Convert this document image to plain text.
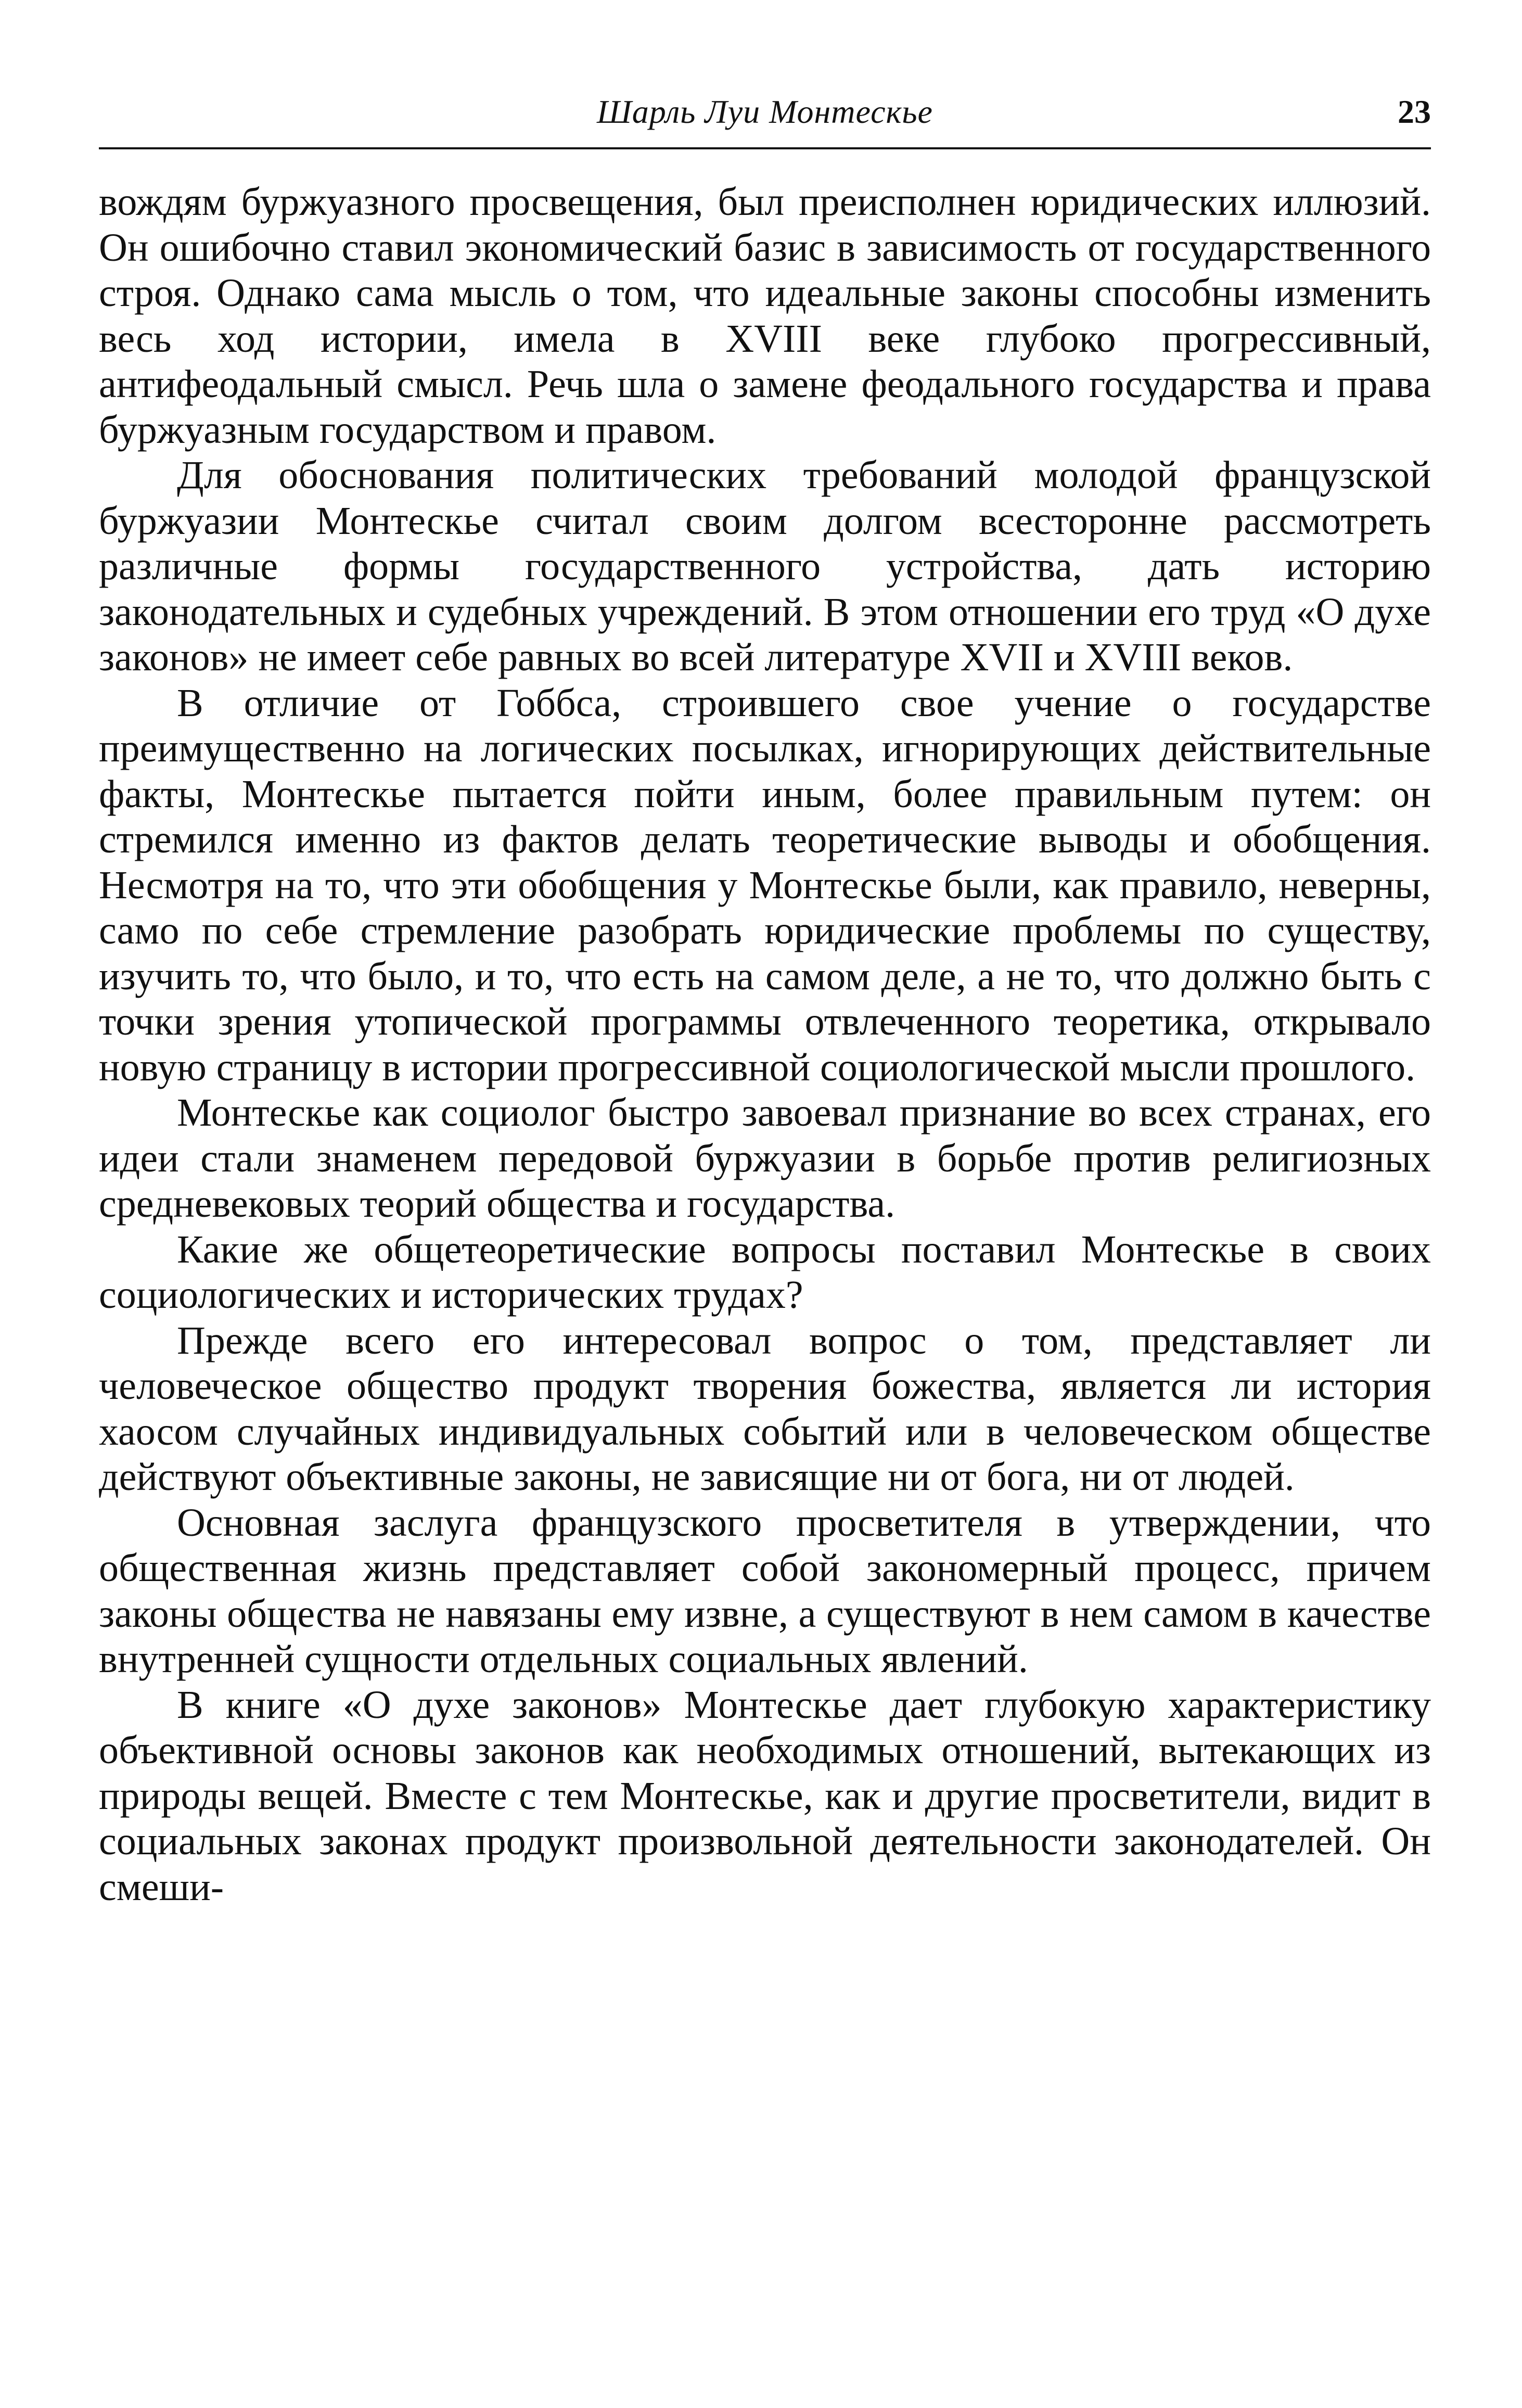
Шарль Луи Монтескье	23

вождям буржуазного просвещения, был преисполнен юридических иллюзий. Он ошибочно ставил экономический базис в зависимость от государственного строя. Однако сама мысль о том, что идеальные законы способны изменить весь ход истории, имела в XVIII веке глубоко прогрессивный, антифеодальный смысл. Речь шла о замене феодального государства и права буржуазным государством и правом.

Для обоснования политических требований молодой французской буржуазии Монтескье считал своим долгом всесторонне рассмотреть различные формы государственного устройства, дать историю законодательных и судебных учреждений. В этом отношении его труд «О духе законов» не имеет себе равных во всей литературе XVII и XVIII веков.

В отличие от Гоббса, строившего свое учение о государстве преимущественно на логических посылках, игнорирующих действительные факты, Монтескье пытается пойти иным, более правильным путем: он стремился именно из фактов делать теоретические выводы и обобщения. Несмотря на то, что эти обобщения у Монтескье были, как правило, неверны, само по себе стремление разобрать юридические проблемы по существу, изучить то, что было, и то, что есть на самом деле, а не то, что должно быть с точки зрения утопической программы отвлеченного теоретика, открывало новую страницу в истории прогрессивной социологической мысли прошлого.

Монтескье как социолог быстро завоевал признание во всех странах, его идеи стали знаменем передовой буржуазии в борьбе против религиозных средневековых теорий общества и государства.

Какие же общетеоретические вопросы поставил Монтескье в своих социологических и исторических трудах?

Прежде всего его интересовал вопрос о том, представляет ли человеческое общество продукт творения божества, является ли история хаосом случайных индивидуальных событий или в человеческом обществе действуют объективные законы, не зависящие ни от бога, ни от людей.

Основная заслуга французского просветителя в утверждении, что общественная жизнь представляет собой закономерный процесс, причем законы общества не навязаны ему извне, а существуют в нем самом в качестве внутренней сущности отдельных социальных явлений.

В книге «О духе законов» Монтескье дает глубокую характеристику объективной основы законов как необходимых отношений, вытекающих из природы вещей. Вместе с тем Монтескье, как и другие просветители, видит в социальных законах продукт произвольной деятельности законодателей. Он смеши-
